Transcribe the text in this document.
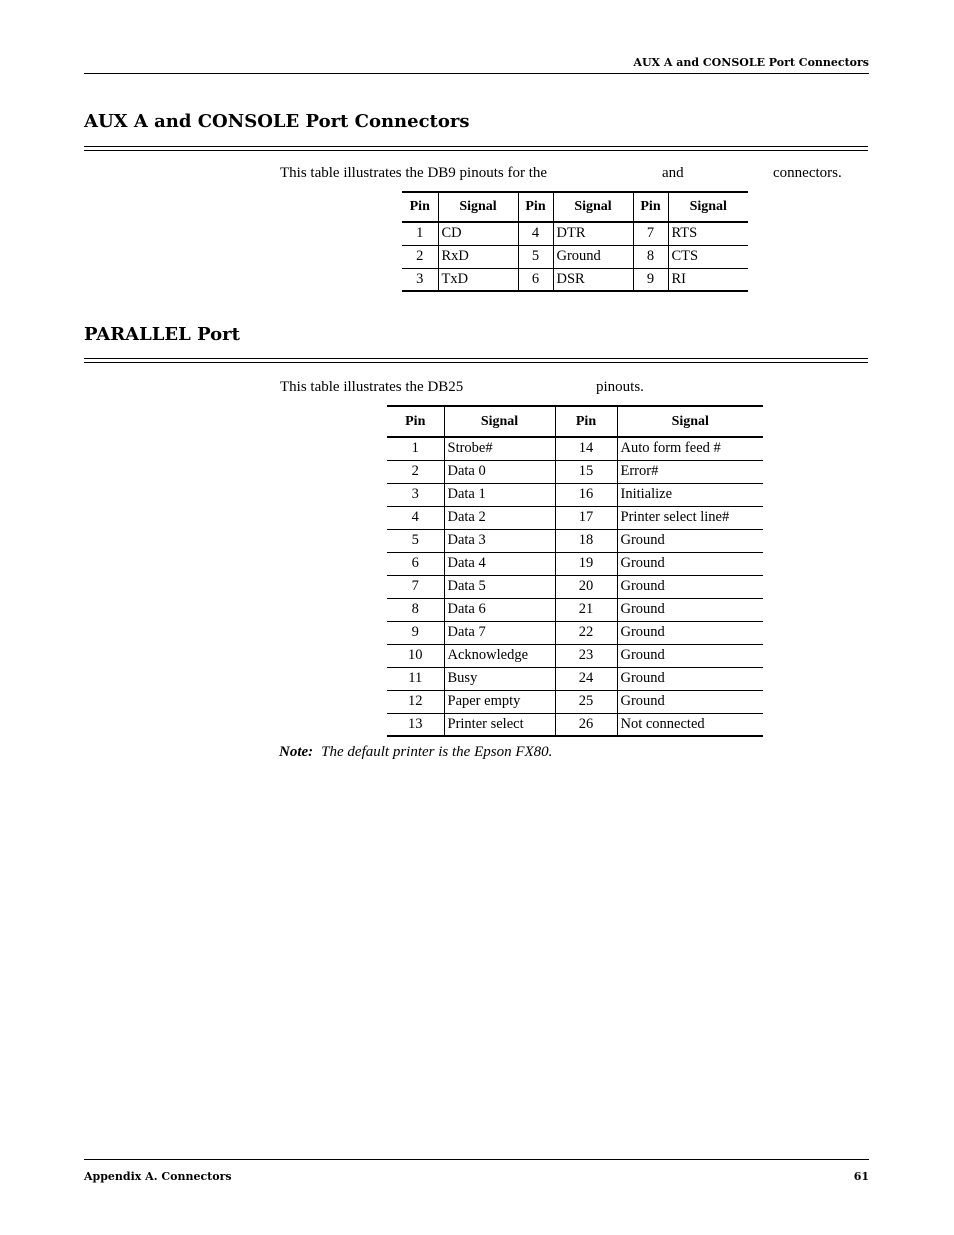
AUX A and CONSOLE Port Connectors
AUX A and CONSOLE Port Connectors
This table illustrates the DB9 pinouts for the	and	connectors.
Pin	Signal	Pin	Signal	Pin	Signal
1	CD	4	DTR	7	RTS
2	RxD	5	Ground	8	CTS
3	TxD	6	DSR	9	RI
PARALLEL Port
This table illustrates the DB25	pinouts.
Pin	Signal	Pin	Signal
1	Strobe#	14	Auto form feed #
2	Data 0	15	Error#
3	Data 1	16	Initialize
4	Data 2	17	Printer select line#
5	Data 3	18	Ground
6	Data 4	19	Ground
7	Data 5	20	Ground
8	Data 6	21	Ground
9	Data 7	22	Ground
10	Acknowledge	23	Ground
11	Busy	24	Ground
12	Paper empty	25	Ground
13	Printer select	26	Not connected
Note: The default printer is the Epson FX80.
Appendix A. Connectors	61
